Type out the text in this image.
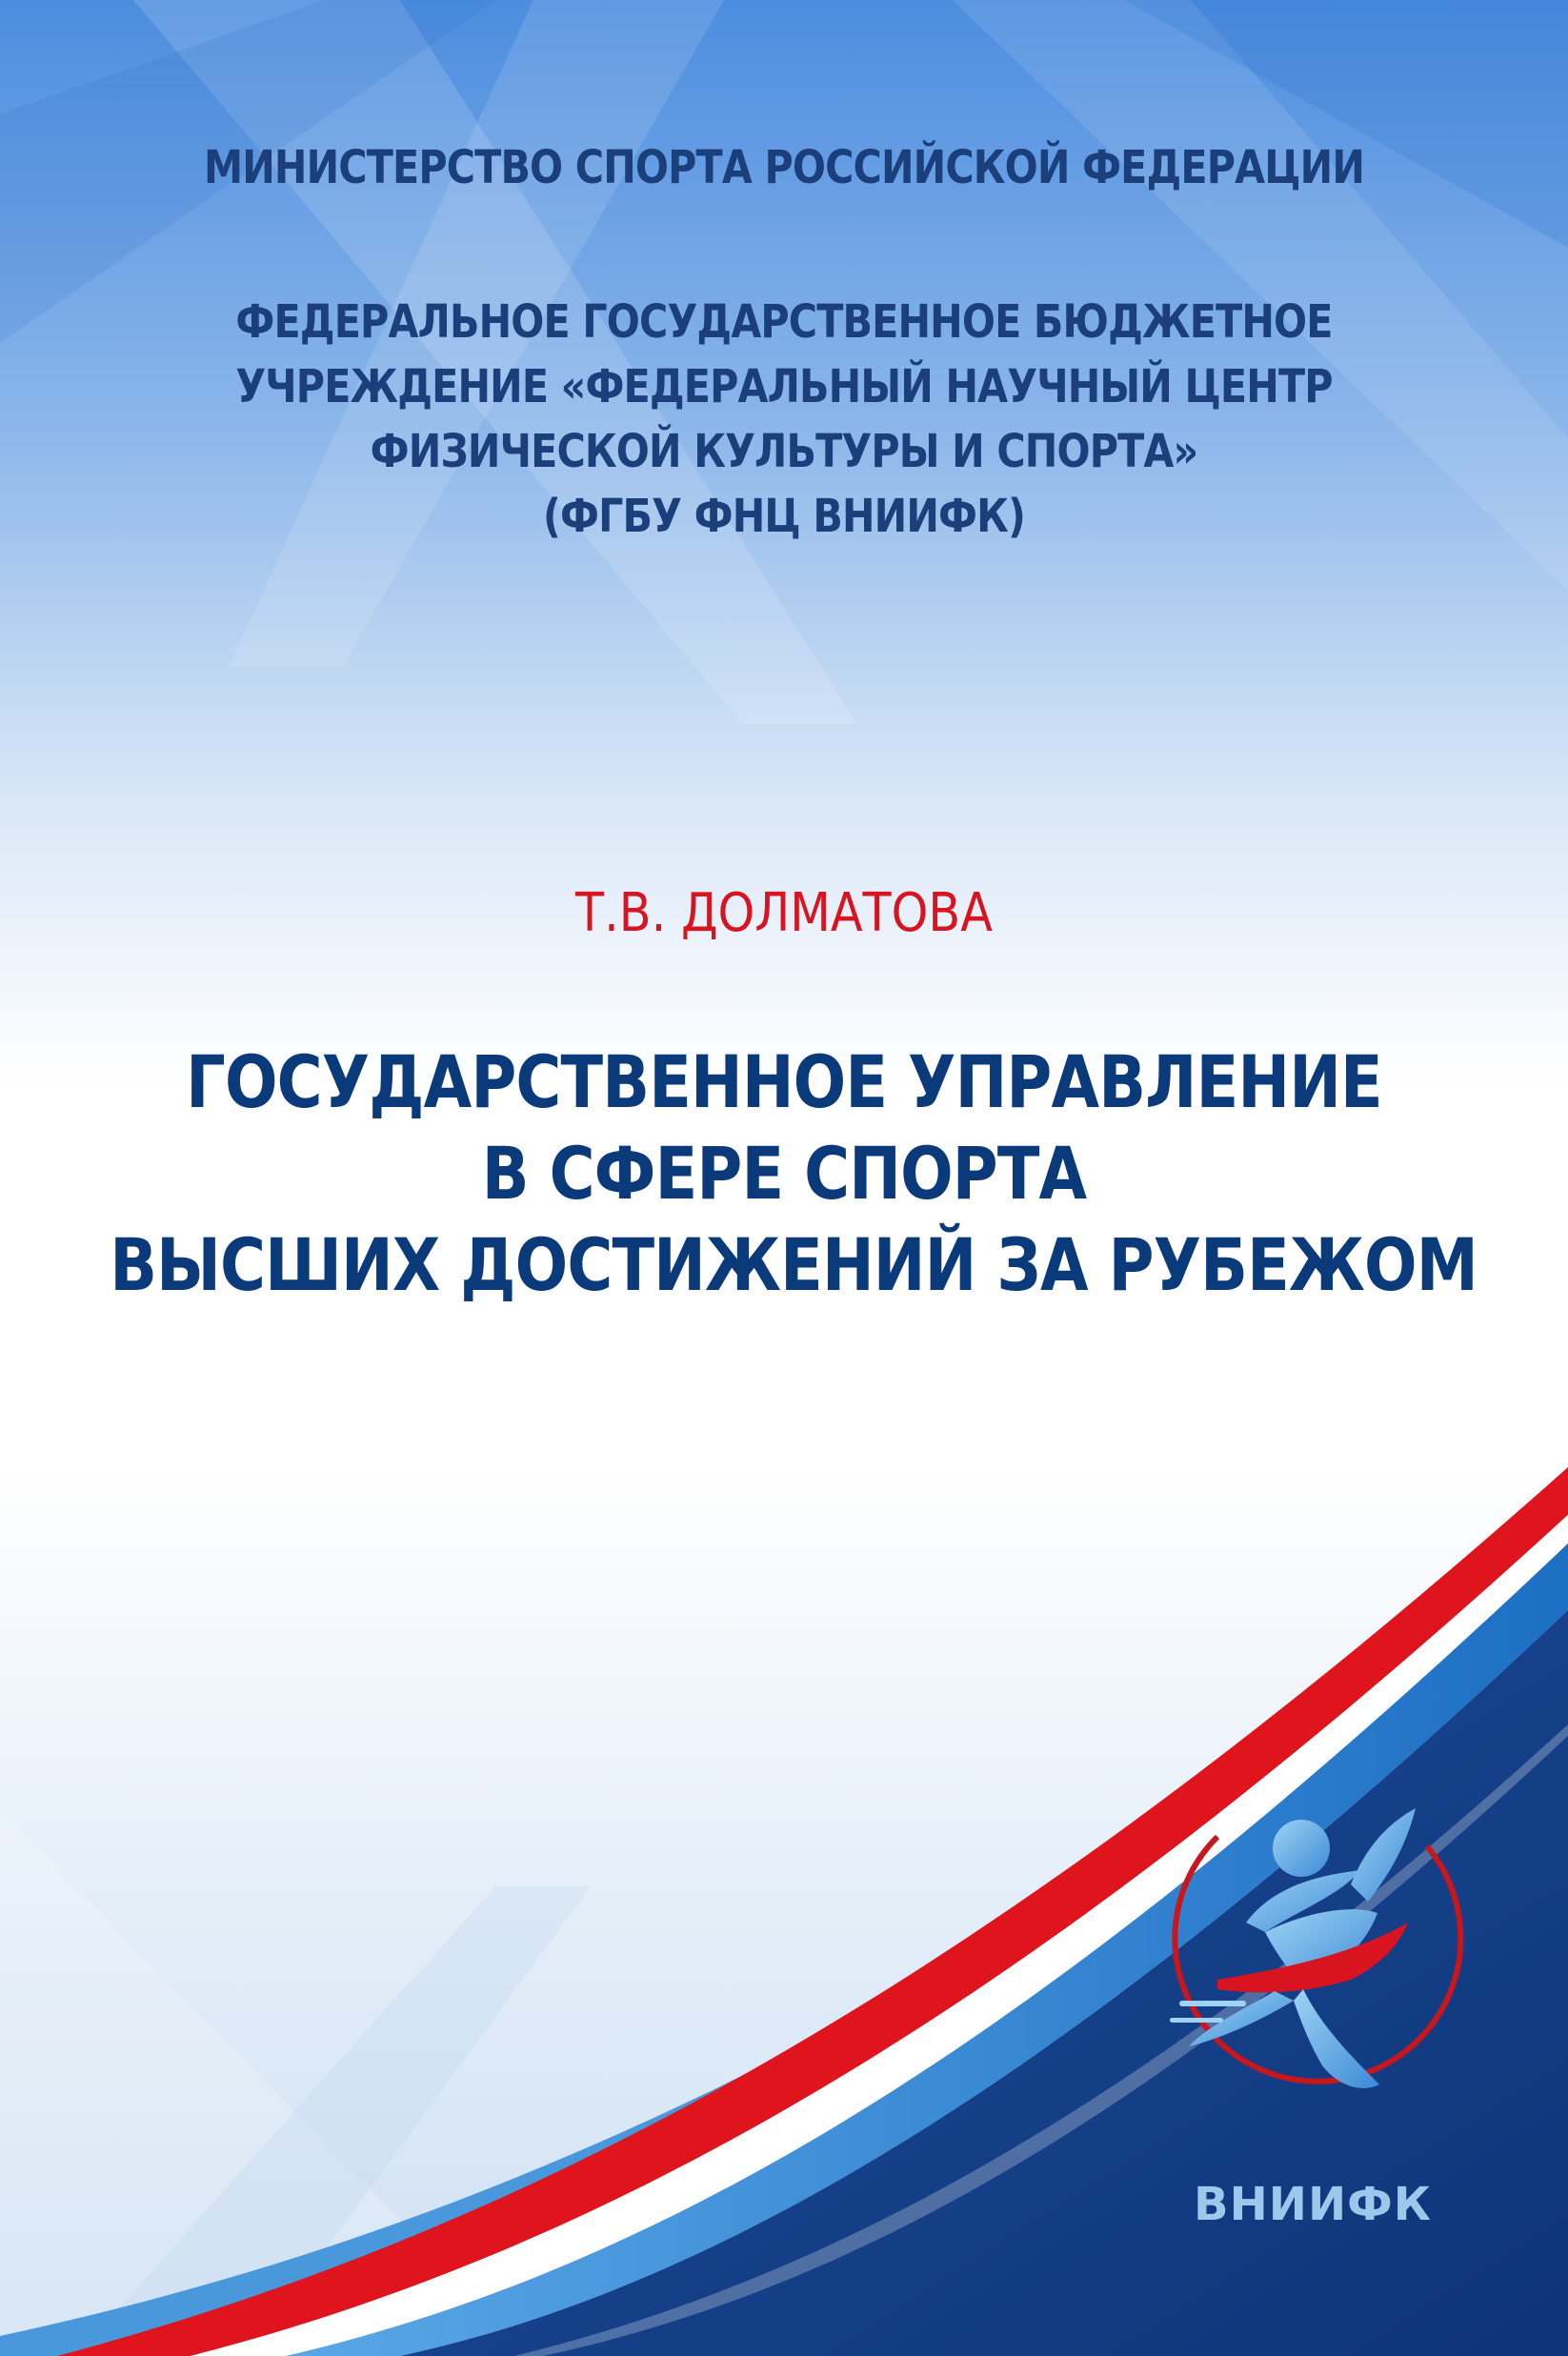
МИНИСТЕРСТВО СПОРТА РОССИЙСКОЙ ФЕДЕРАЦИИ
ФЕДЕРАЛЬНОЕ ГОСУДАРСТВЕННОЕ БЮДЖЕТНОЕ
УЧРЕЖДЕНИЕ «ФЕДЕРАЛЬНЫЙ НАУЧНЫЙ ЦЕНТР
ФИЗИЧЕСКОЙ КУЛЬТУРЫ И СПОРТА»
(ФГБУ ФНЦ ВНИИФК)
Т.В. ДОЛМАТОВА
ГОСУДАРСТВЕННОЕ УПРАВЛЕНИЕ
В СФЕРЕ СПОРТА
ВЫСШИХ ДОСТИЖЕНИЙ ЗА РУБЕЖОМ
ВНИИФК
